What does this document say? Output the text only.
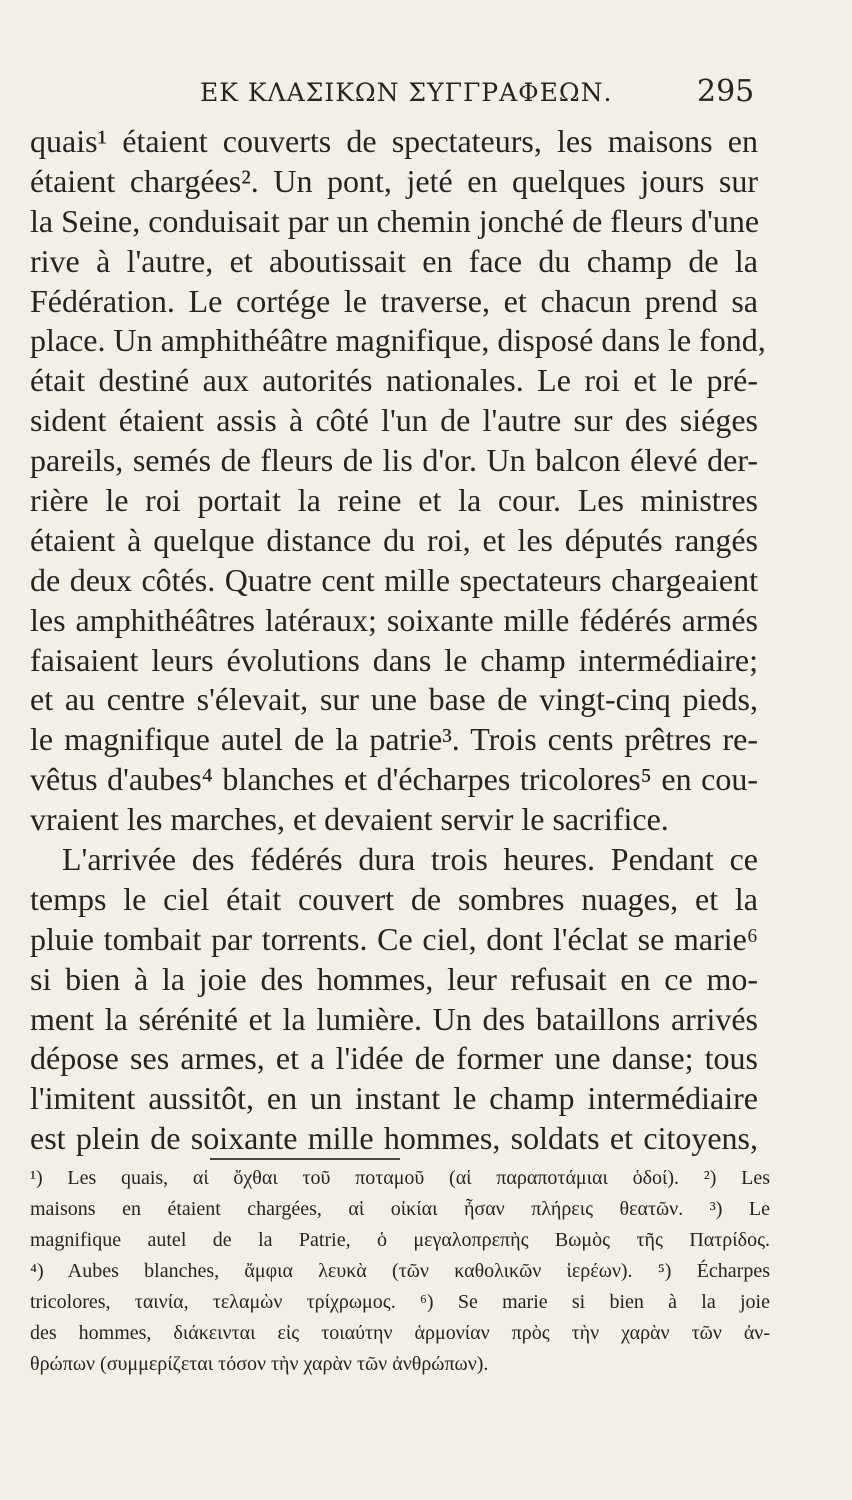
ΕΚ ΚΛΑΣΙΚΩΝ ΣΥΓΓΡΑΦΕΩΝ.	295
quais¹ étaient couverts de spectateurs, les maisons en
étaient chargées². Un pont, jeté en quelques jours sur
la Seine, conduisait par un chemin jonché de fleurs d'une
rive à l'autre, et aboutissait en face du champ de la
Fédération. Le cortége le traverse, et chacun prend sa
place. Un amphithéâtre magnifique, disposé dans le fond,
était destiné aux autorités nationales. Le roi et le pré-
sident étaient assis à côté l'un de l'autre sur des siéges
pareils, semés de fleurs de lis d'or. Un balcon élevé der-
rière le roi portait la reine et la cour. Les ministres
étaient à quelque distance du roi, et les députés rangés
de deux côtés. Quatre cent mille spectateurs chargeaient
les amphithéâtres latéraux; soixante mille fédérés armés
faisaient leurs évolutions dans le champ intermédiaire;
et au centre s'élevait, sur une base de vingt-cinq pieds,
le magnifique autel de la patrie³. Trois cents prêtres re-
vêtus d'aubes⁴ blanches et d'écharpes tricolores⁵ en cou-
vraient les marches, et devaient servir le sacrifice.
L'arrivée des fédérés dura trois heures. Pendant ce
temps le ciel était couvert de sombres nuages, et la
pluie tombait par torrents. Ce ciel, dont l'éclat se marie⁶
si bien à la joie des hommes, leur refusait en ce mo-
ment la sérénité et la lumière. Un des bataillons arrivés
dépose ses armes, et a l'idée de former une danse; tous
l'imitent aussitôt, en un instant le champ intermédiaire
est plein de soixante mille hommes, soldats et citoyens,
¹) Les quais, αἱ ὄχθαι τοῦ ποταμοῦ (αἱ παραποτάμιαι ὁδοί). ²) Les
maisons en étaient chargées, αἱ οἰκίαι ἦσαν πλήρεις θεατῶν. ³) Le
magnifique autel de la Patrie, ὁ μεγαλοπρεπὴς Βωμὸς τῆς Πατρίδος.
⁴) Aubes blanches, ἄμφια λευκὰ (τῶν καθολικῶν ἱερέων). ⁵) Écharpes
tricolores, ταινία, τελαμὼν τρίχρωμος. ⁶) Se marie si bien à la joie
des hommes, διάκεινται εἰς τοιαύτην ἁρμονίαν πρὸς τὴν χαρὰν τῶν ἀν-
θρώπων (συμμερίζεται τόσον τὴν χαρὰν τῶν ἀνθρώπων).
